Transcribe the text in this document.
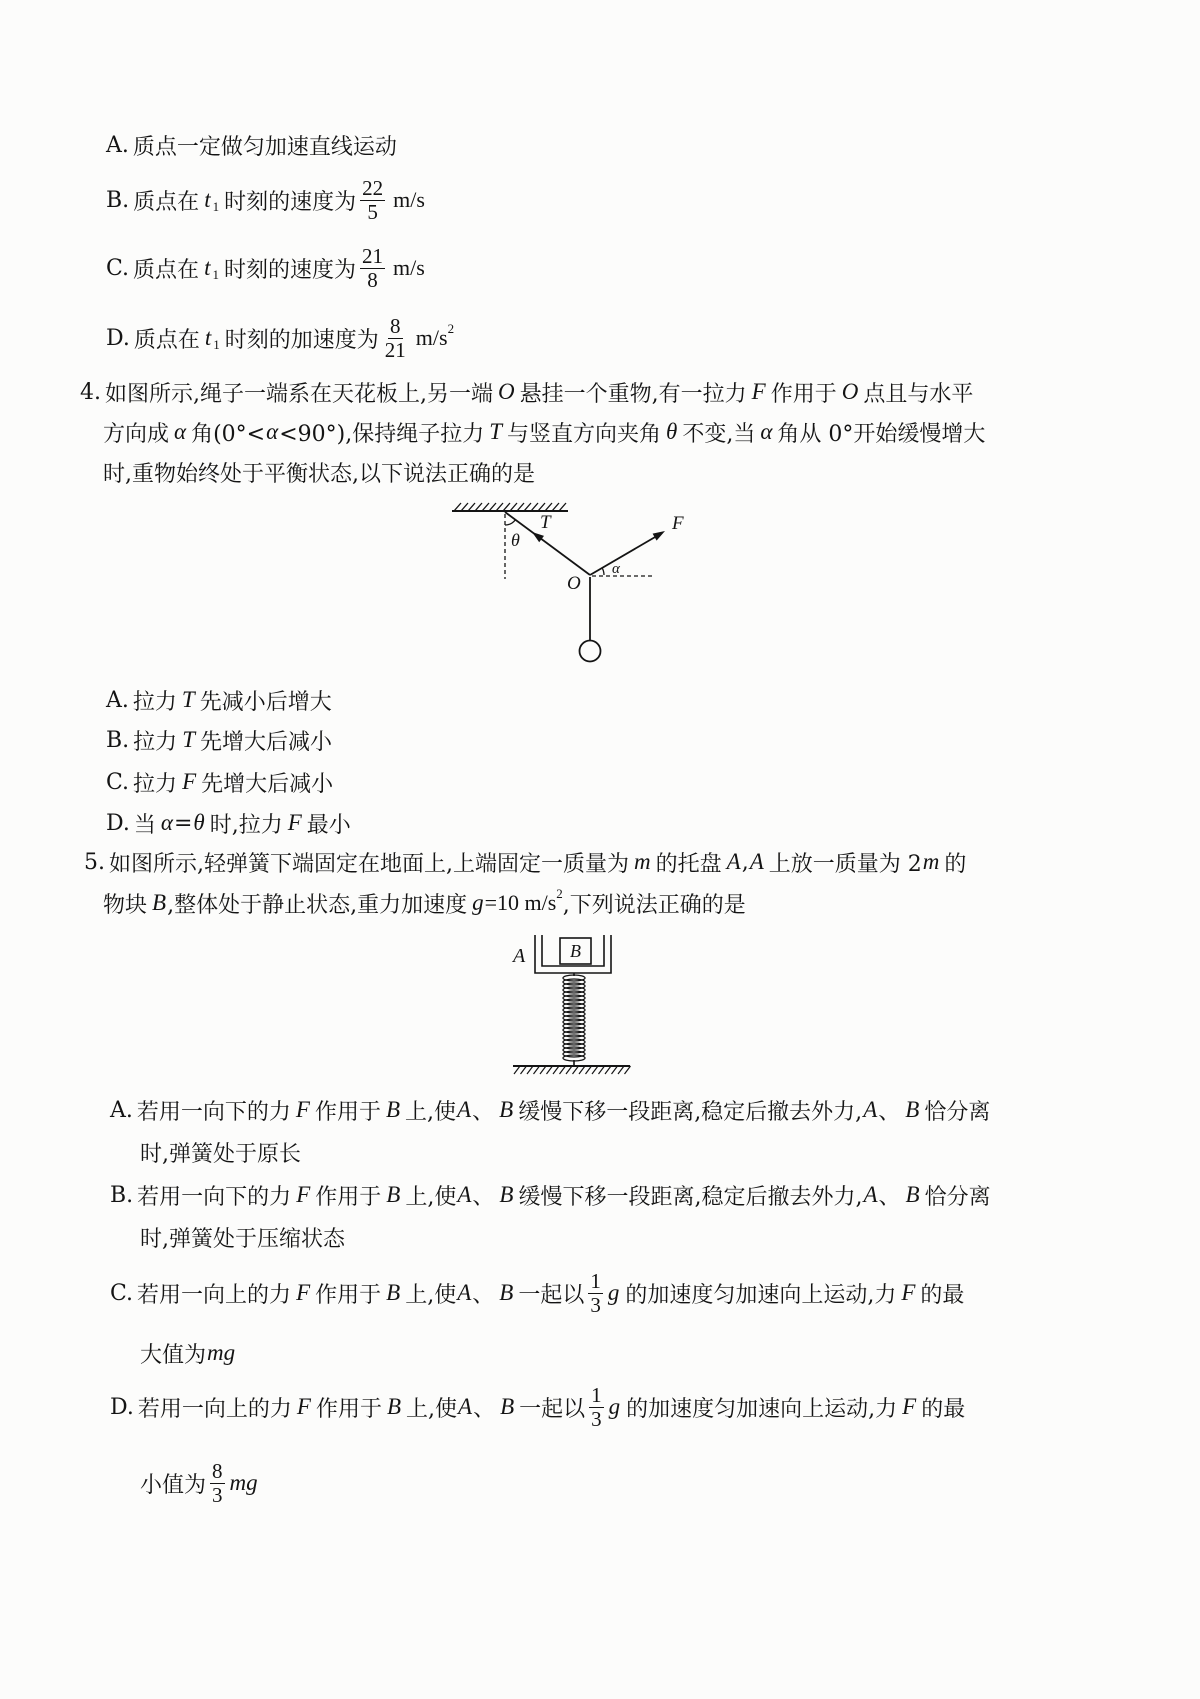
A. 质点一定做匀加速直线运动
B. 质点在 t 1 时刻的速度为 $\frac{22}{5} m/s$
C. 质点在 t 1 时刻的速度为 $\frac{21}{8} m/s$
D. 质点在 t 1 时刻的加速度为 $\frac{8}{21} m/s$ 2
4. 如图所示,绳子一端系在天花板上,另一端 O 悬挂一个重物,有一拉力 F 作用于 O 点且与水平
方向成 α 角(0°< α <90°),保持绳子拉力 T 与竖直方向夹角 θ 不变,当 α 角从 0°开始缓慢增大
时,重物始终处于平衡状态,以下说法正确的是
T
θ
F
O
α
A. 拉力 T 先减小后增大
B. 拉力 T 先增大后减小
C. 拉力 F 先增大后减小
D. 当 α = θ 时,拉力 F 最小
5. 如图所示,轻弹簧下端固定在地面上,上端固定一质量为 m 的托盘 A , A 上放一质量为 2 m 的
物块 B ,整体处于静止状态,重力加速度 g =10 m/s 2 ,下列说法正确的是
A B
A. 若用一向下的力 F 作用于 B 上,使 A 、 B 缓慢下移一段距离,稳定后撤去外力, A 、 B 恰分离
时,弹簧处于原长
B. 若用一向下的力 F 作用于 B 上,使 A 、 B 缓慢下移一段距离,稳定后撤去外力, A 、 B 恰分离
时,弹簧处于压缩状态
C. 若用一向上的力 F 作用于 B 上,使 A 、 B 一起以 $\frac{1}{3}$ g 的加速度匀加速向上运动,力 F 的最
大值为 mg
D. 若用一向上的力 F 作用于 B 上,使 A 、 B 一起以 $\frac{1}{3}$ g 的加速度匀加速向上运动,力 F 的最
小值为 $\frac{8}{3}$ mg
